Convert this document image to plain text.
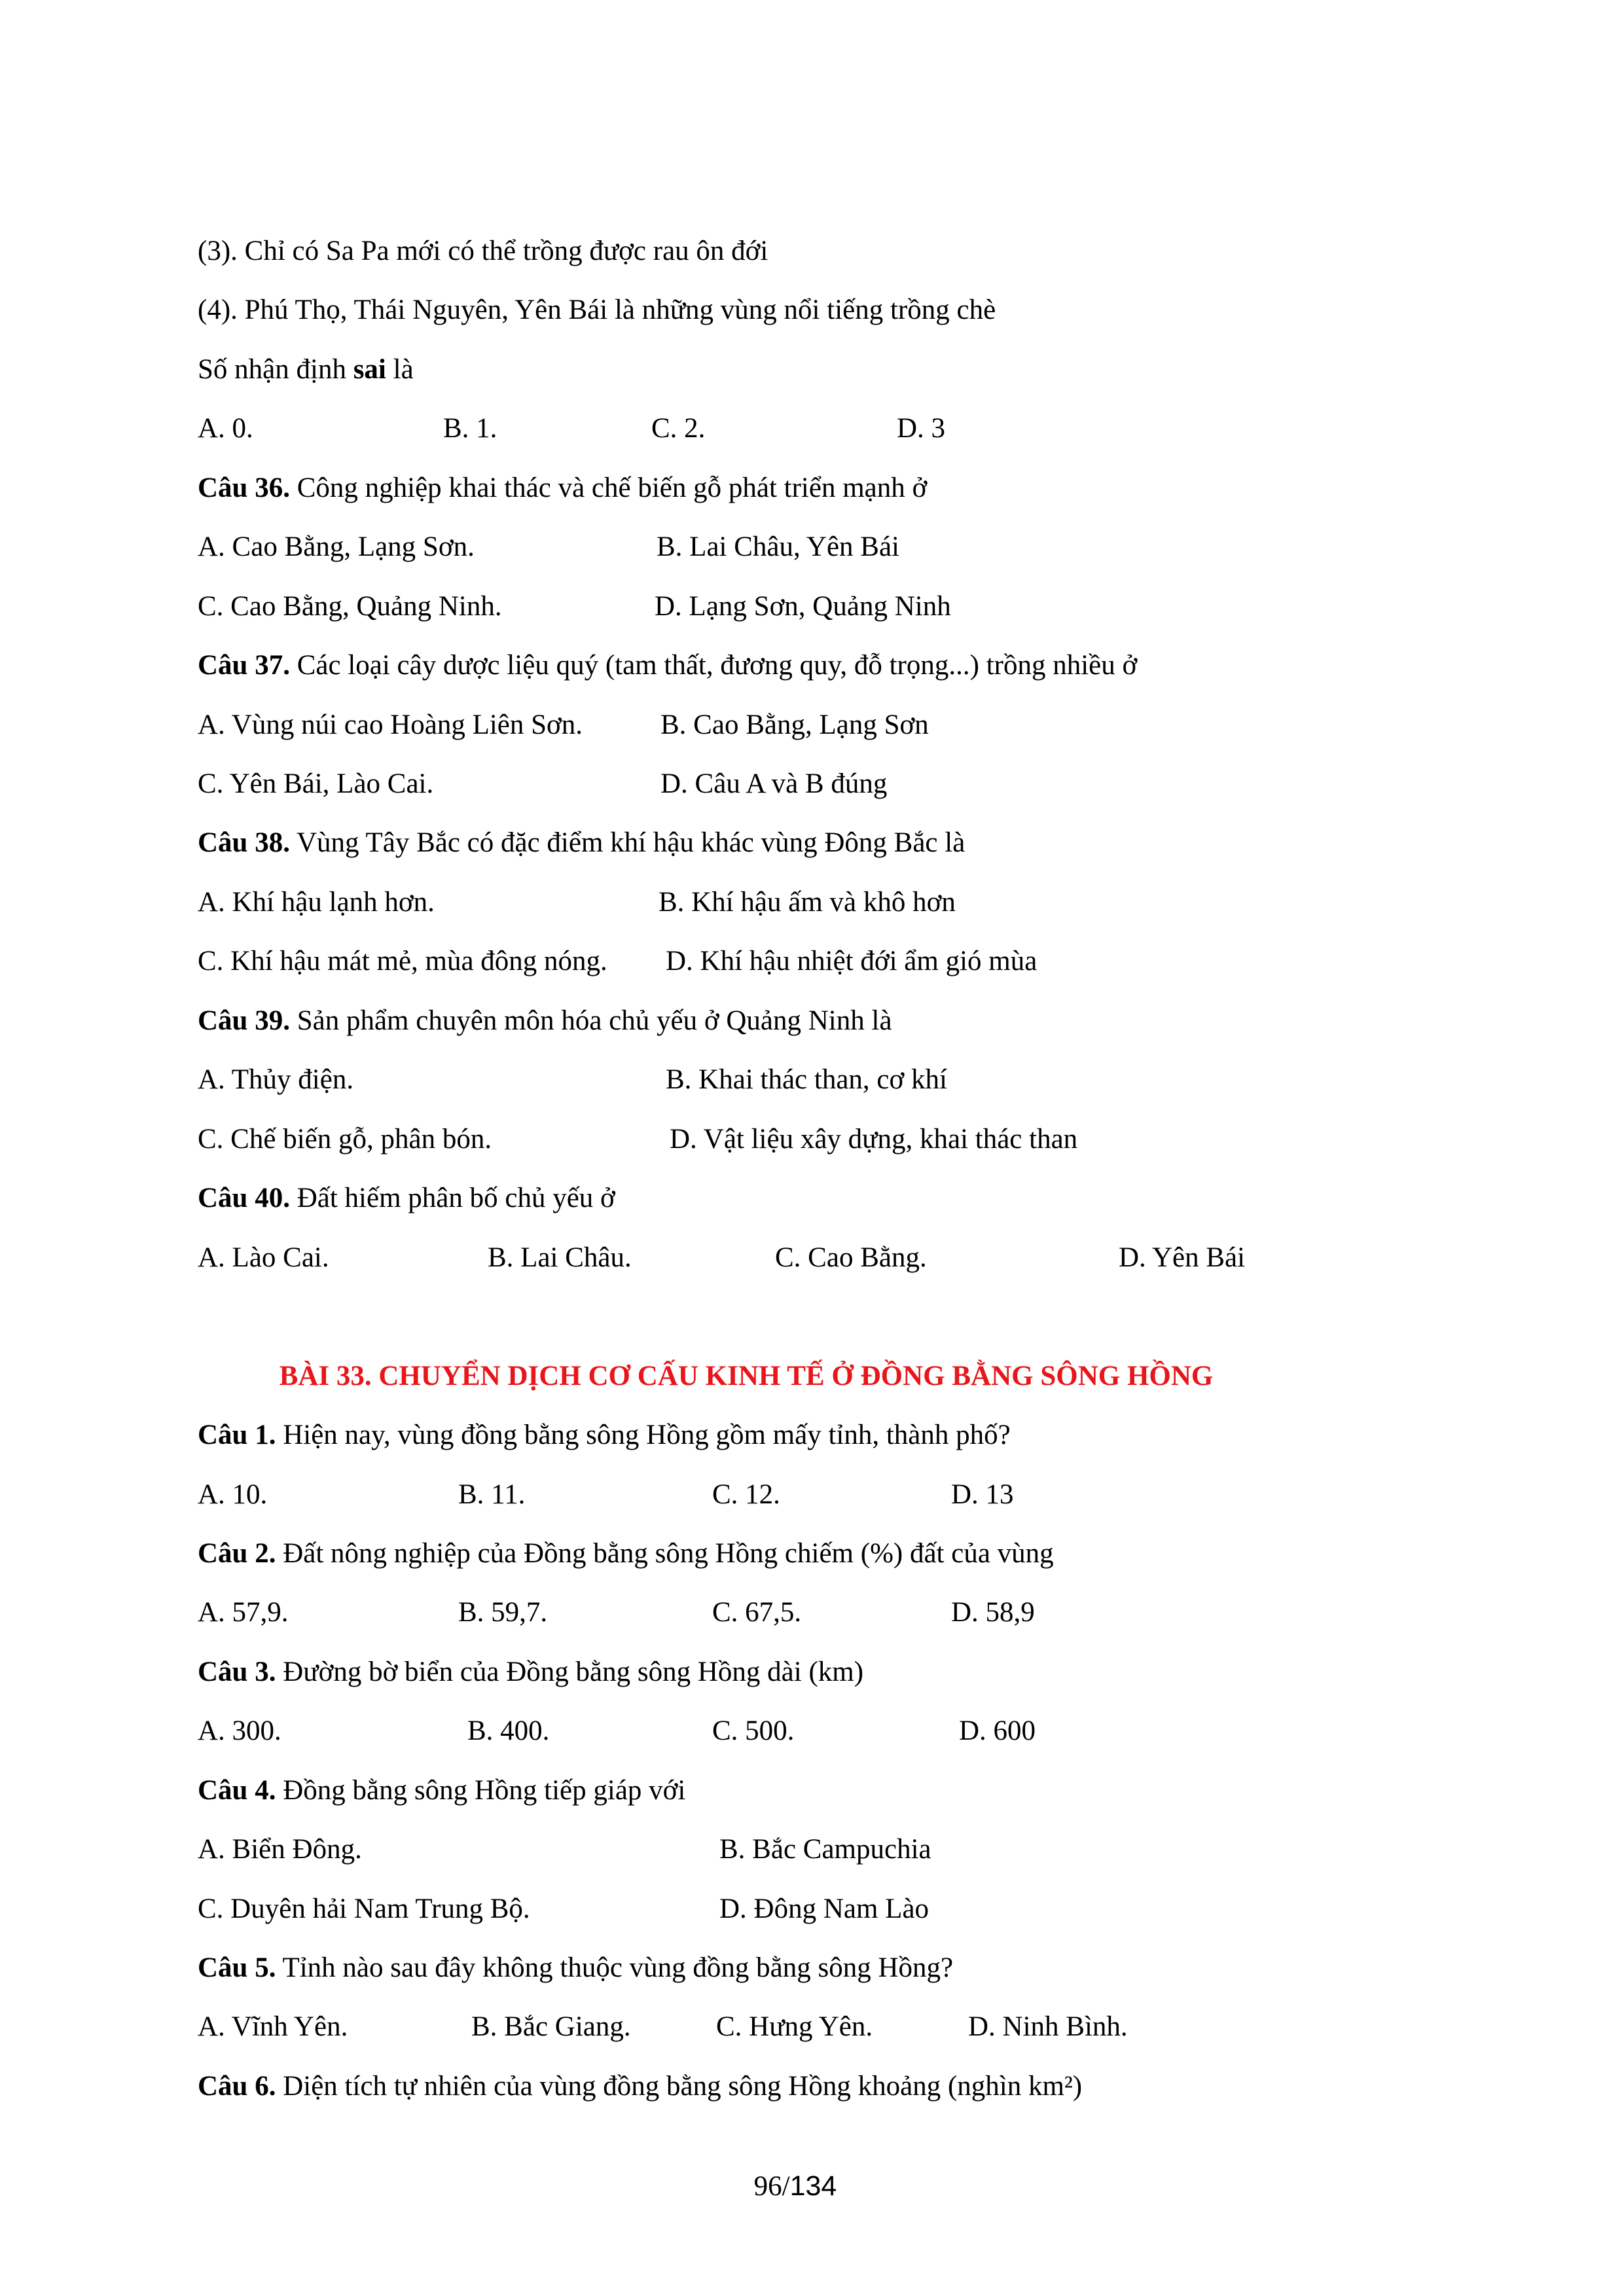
(3). Chỉ có Sa Pa mới có thể trồng được rau ôn đới
(4). Phú Thọ, Thái Nguyên, Yên Bái là những vùng nổi tiếng trồng chè
Số nhận định sai là
A. 0.	B. 1.	C. 2.	D. 3
Câu 36. Công nghiệp khai thác và chế biến gỗ phát triển mạnh ở
A. Cao Bằng, Lạng Sơn.	B. Lai Châu, Yên Bái
C. Cao Bằng, Quảng Ninh.	D. Lạng Sơn, Quảng Ninh
Câu 37. Các loại cây dược liệu quý (tam thất, đương quy, đỗ trọng...) trồng nhiều ở
A. Vùng núi cao Hoàng Liên Sơn.	B. Cao Bằng, Lạng Sơn
C. Yên Bái, Lào Cai.	D. Câu A và B đúng
Câu 38. Vùng Tây Bắc có đặc điểm khí hậu khác vùng Đông Bắc là
A. Khí hậu lạnh hơn.	B. Khí hậu ấm và khô hơn
C. Khí hậu mát mẻ, mùa đông nóng. D. Khí hậu nhiệt đới ẩm gió mùa
Câu 39. Sản phẩm chuyên môn hóa chủ yếu ở Quảng Ninh là
A. Thủy điện.	B. Khai thác than, cơ khí
C. Chế biến gỗ, phân bón.	D. Vật liệu xây dựng, khai thác than
Câu 40. Đất hiếm phân bố chủ yếu ở
A. Lào Cai.	B. Lai Châu.	C. Cao Bằng.	D. Yên Bái
BÀI 33. CHUYỂN DỊCH CƠ CẤU KINH TẾ Ở ĐỒNG BẰNG SÔNG HỒNG
Câu 1. Hiện nay, vùng đồng bằng sông Hồng gồm mấy tỉnh, thành phố?
A. 10.	B. 11.	C. 12.	D. 13
Câu 2. Đất nông nghiệp của Đồng bằng sông Hồng chiếm (%) đất của vùng
A. 57,9.	B. 59,7.	C. 67,5.	D. 58,9
Câu 3. Đường bờ biển của Đồng bằng sông Hồng dài (km)
A. 300.	B. 400.	C. 500.	D. 600
Câu 4. Đồng bằng sông Hồng tiếp giáp với
A. Biển Đông.	B. Bắc Campuchia
C. Duyên hải Nam Trung Bộ.	D. Đông Nam Lào
Câu 5. Tỉnh nào sau đây không thuộc vùng đồng bằng sông Hồng?
A. Vĩnh Yên.	B. Bắc Giang.	C. Hưng Yên.	D. Ninh Bình.
Câu 6. Diện tích tự nhiên của vùng đồng bằng sông Hồng khoảng (nghìn km²)
96/134
